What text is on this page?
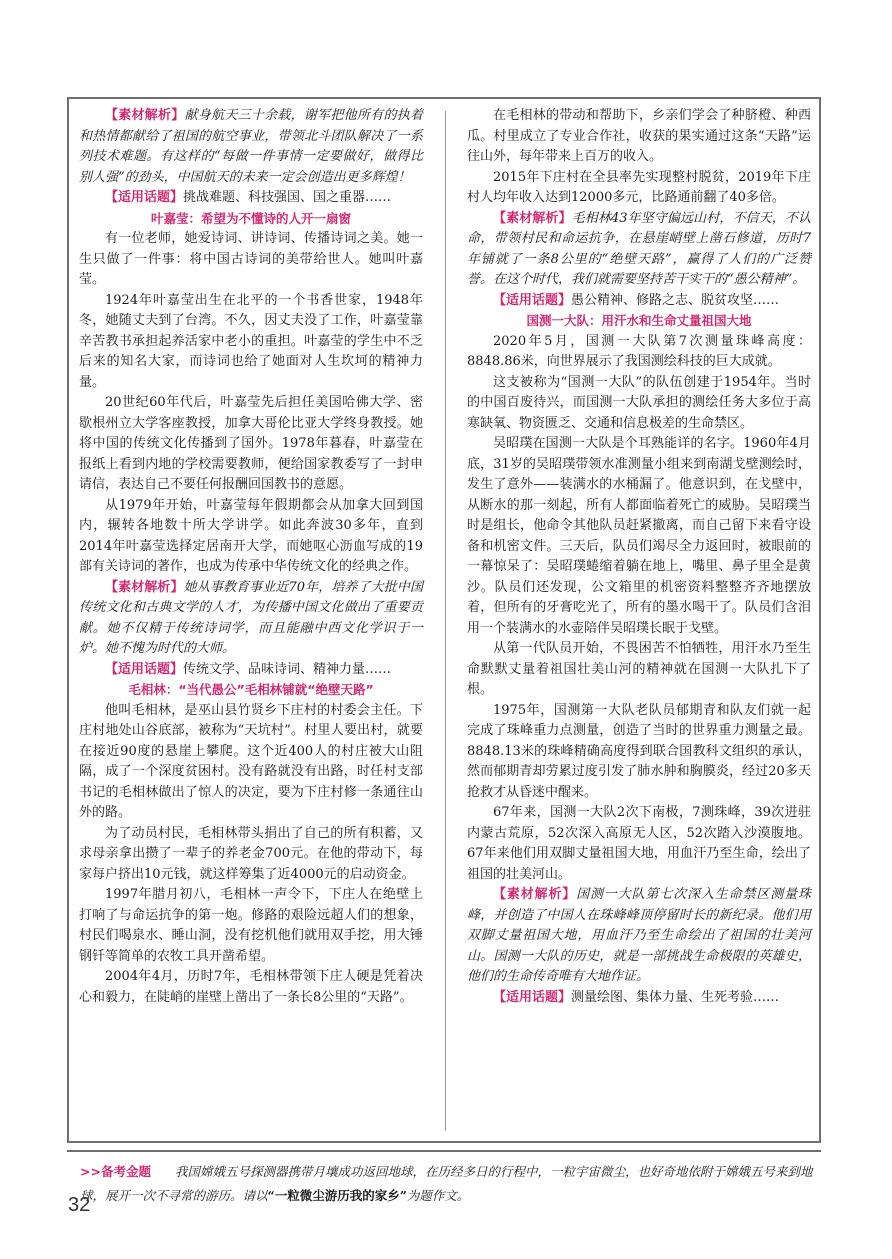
【素材解析】献身航天三十余载，谢军把他所有的执着和热情都献给了祖国的航空事业，带领北斗团队解决了一系列技术难题。有这样的“每做一件事情一定要做好，做得比别人强”的劲头，中国航天的未来一定会创造出更多辉煌！
【适用话题】挑战难题、科技强国、国之重器……
叶嘉莹：希望为不懂诗的人开一扇窗

有一位老师，她爱诗词、讲诗词、传播诗词之美。她一生只做了一件事：将中国古诗词的美带给世人。她叫叶嘉莹。

1924年叶嘉莹出生在北平的一个书香世家，1948年冬，她随丈夫到了台湾。不久，因丈夫没了工作，叶嘉莹靠辛苦教书承担起养活家中老小的重担。叶嘉莹的学生中不乏后来的知名大家，而诗词也给了她面对人生坎坷的精神力量。

20世纪60年代后，叶嘉莹先后担任美国哈佛大学、密歇根州立大学客座教授，加拿大哥伦比亚大学终身教授。她将中国的传统文化传播到了国外。1978年暮春，叶嘉莹在报纸上看到内地的学校需要教师，便给国家教委写了一封申请信，表达自己不要任何报酬回国教书的意愿。

从1979年开始，叶嘉莹每年假期都会从加拿大回到国内，辗转各地数十所大学讲学。如此奔波30多年，直到2014年叶嘉莹选择定居南开大学，而她呕心沥血写成的19部有关诗词的著作，也成为传承中华传统文化的经典之作。

【素材解析】她从事教育事业近70年，培养了大批中国传统文化和古典文学的人才，为传播中国文化做出了重要贡献。她不仅精于传统诗词学，而且能融中西文化学识于一炉。她不愧为时代的大师。
【适用话题】传统文学、品味诗词、精神力量……
毛相林：“当代愚公”毛相林铺就“绝壁天路”

他叫毛相林，是巫山县竹贤乡下庄村的村委会主任。下庄村地处山谷底部，被称为“天坑村”。村里人要出村，就要在接近90度的悬崖上攀爬。这个近400人的村庄被大山阻隔，成了一个深度贫困村。没有路就没有出路，时任村支部书记的毛相林做出了惊人的决定，要为下庄村修一条通往山外的路。

为了动员村民，毛相林带头捐出了自己的所有积蓄，又求母亲拿出攒了一辈子的养老金700元。在他的带动下，每家每户挤出10元钱，就这样筹集了近4000元的启动资金。

1997年腊月初八，毛相林一声令下，下庄人在绝壁上打响了与命运抗争的第一炮。修路的艰险远超人们的想象，村民们喝泉水、睡山洞，没有挖机他们就用双手挖，用大锤钢钎等简单的农牧工具开凿希望。

2004年4月，历时7年，毛相林带领下庄人硬是凭着决心和毅力，在陡峭的崖壁上凿出了一条长8公里的“天路”。

在毛相林的带动和帮助下，乡亲们学会了种脐橙、种西瓜。村里成立了专业合作社，收获的果实通过这条“天路”运往山外，每年带来上百万的收入。

2015年下庄村在全县率先实现整村脱贫，2019年下庄村人均年收入达到12000多元，比路通前翻了40多倍。

【素材解析】毛相林43年坚守偏远山村，不信天，不认命，带领村民和命运抗争，在悬崖峭壁上凿石修道，历时7年铺就了一条8公里的“绝壁天路”，赢得了人们的广泛赞誉。在这个时代，我们就需要坚持苦干实干的“愚公精神”。
【适用话题】愚公精神、修路之志、脱贫攻坚……
国测一大队：用汗水和生命丈量祖国大地

2020年5月，国测一大队第7次测量珠峰高度：8848.86米，向世界展示了我国测绘科技的巨大成就。

这支被称为“国测一大队”的队伍创建于1954年。当时的中国百废待兴，而国测一大队承担的测绘任务大多位于高寒缺氧、物资匮乏、交通和信息极差的生命禁区。

吴昭璞在国测一大队是个耳熟能详的名字。1960年4月底，31岁的吴昭璞带领水准测量小组来到南湖戈壁测绘时，发生了意外——装满水的水桶漏了。他意识到，在戈壁中，从断水的那一刻起，所有人都面临着死亡的威胁。吴昭璞当时是组长，他命令其他队员赶紧撤离，而自己留下来看守设备和机密文件。三天后，队员们竭尽全力返回时，被眼前的一幕惊呆了：吴昭璞蜷缩着躺在地上，嘴里、鼻子里全是黄沙。队员们还发现，公文箱里的机密资料整整齐齐地摆放着，但所有的牙膏吃光了，所有的墨水喝干了。队员们含泪用一个装满水的水壶陪伴吴昭璞长眠于戈壁。

从第一代队员开始，不畏困苦不怕牺牲，用汗水乃至生命默默丈量着祖国壮美山河的精神就在国测一大队扎下了根。

1975年，国测第一大队老队员郁期青和队友们就一起完成了珠峰重力点测量，创造了当时的世界重力测量之最。8848.13米的珠峰精确高度得到联合国教科文组织的承认，然而郁期青却劳累过度引发了肺水肿和胸膜炎，经过20多天抢救才从昏迷中醒来。

67年来，国测一大队2次下南极，7测珠峰，39次进驻内蒙古荒原，52次深入高原无人区，52次踏入沙漠腹地。67年来他们用双脚丈量祖国大地，用血汗乃至生命，绘出了祖国的壮美河山。

【素材解析】国测一大队第七次深入生命禁区测量珠峰，并创造了中国人在珠峰峰顶停留时长的新纪录。他们用双脚丈量祖国大地，用血汗乃至生命绘出了祖国的壮美河山。国测一大队的历史，就是一部挑战生命极限的英雄史，他们的生命传奇唯有大地作证。
【适用话题】测量绘图、集体力量、生死考验……
>>备考金题 我国嫦娥五号探测器携带月壤成功返回地球，在历经多日的行程中，一粒宇宙微尘，也好奇地依附于嫦娥五号来到地球，展开一次不寻常的游历。请以“一粒微尘游历我的家乡”为题作文。
32
